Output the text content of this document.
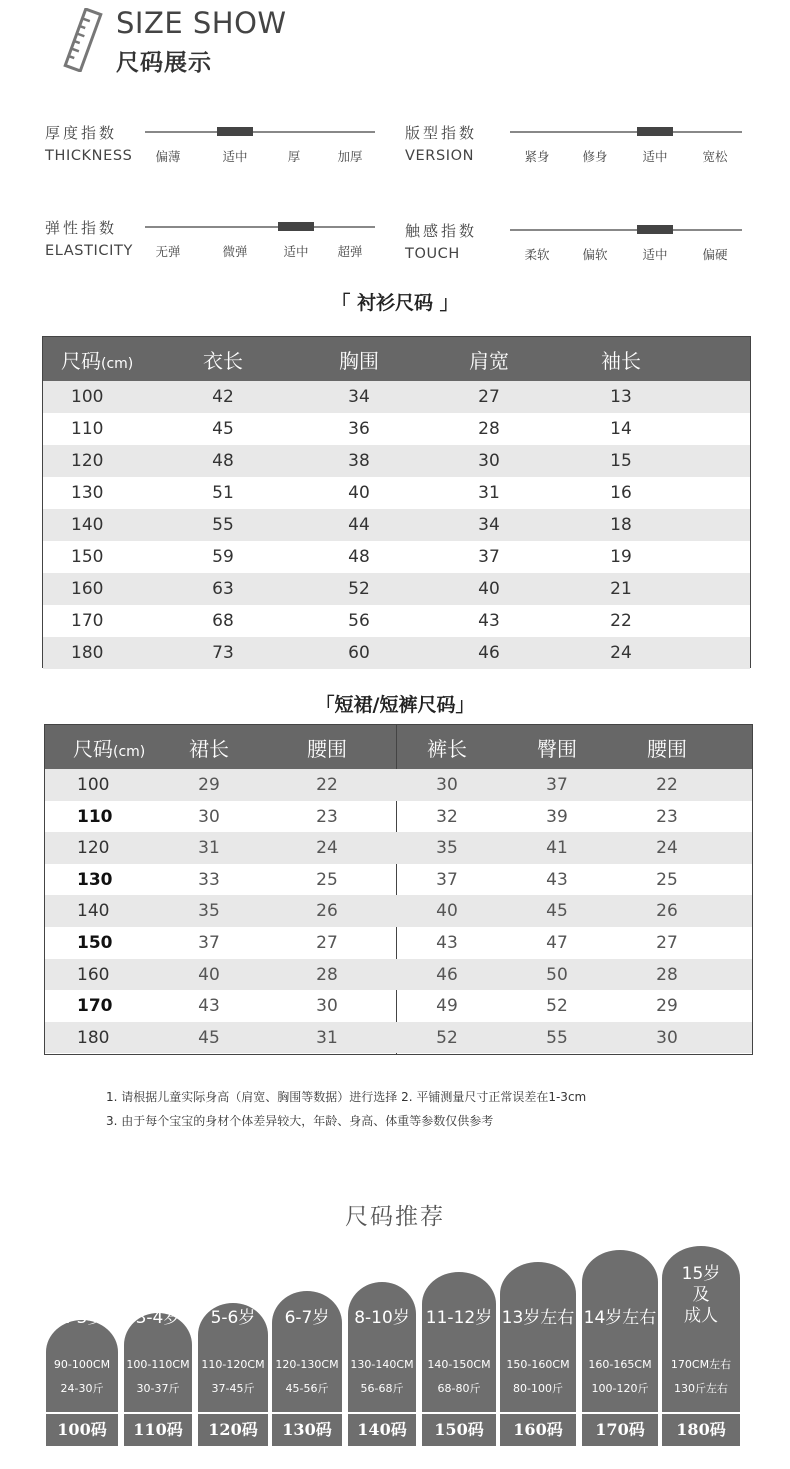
SIZE SHOW
尺码展示
厚度指数
THICKNESS	偏薄	适中	厚	加厚
版型指数
VERSION	紧身	修身	适中	宽松
弹性指数
ELASTICITY	无弹	微弹	适中	超弹
触感指数
TOUCH	柔软	偏软	适中	偏硬
「 衬衫尺码 」
尺码(cm)	衣长	胸围	肩宽	袖长
100	42	34	27	13
110	45	36	28	14
120	48	38	30	15
130	51	40	31	16
140	55	44	34	18
150	59	48	37	19
160	63	52	40	21
170	68	56	43	22
180	73	60	46	24
「短裙/短裤尺码」
尺码(cm)	裙长	腰围	裤长	臀围	腰围
100	29	22	30	37	22
110	30	23	32	39	23
120	31	24	35	41	24
130	33	25	37	43	25
140	35	26	40	45	26
150	37	27	43	47	27
160	40	28	46	50	28
170	43	30	49	52	29
180	45	31	52	55	30
1. 请根据儿童实际身高（肩宽、胸围等数据）进行选择 2. 平铺测量尺寸正常误差在1-3cm
3. 由于每个宝宝的身材个体差异较大，年龄、身高、体重等参数仅供参考
尺码推荐
2-3岁
90-100CM
24-30斤
100码
3-4岁
100-110CM
30-37斤
110码
5-6岁
110-120CM
37-45斤
120码
6-7岁
120-130CM
45-56斤
130码
8-10岁
130-140CM
56-68斤
140码
11-12岁
140-150CM
68-80斤
150码
13岁左右
150-160CM
80-100斤
160码
14岁左右
160-165CM
100-120斤
170码
15岁
及
成人
170CM左右
130斤左右
180码
